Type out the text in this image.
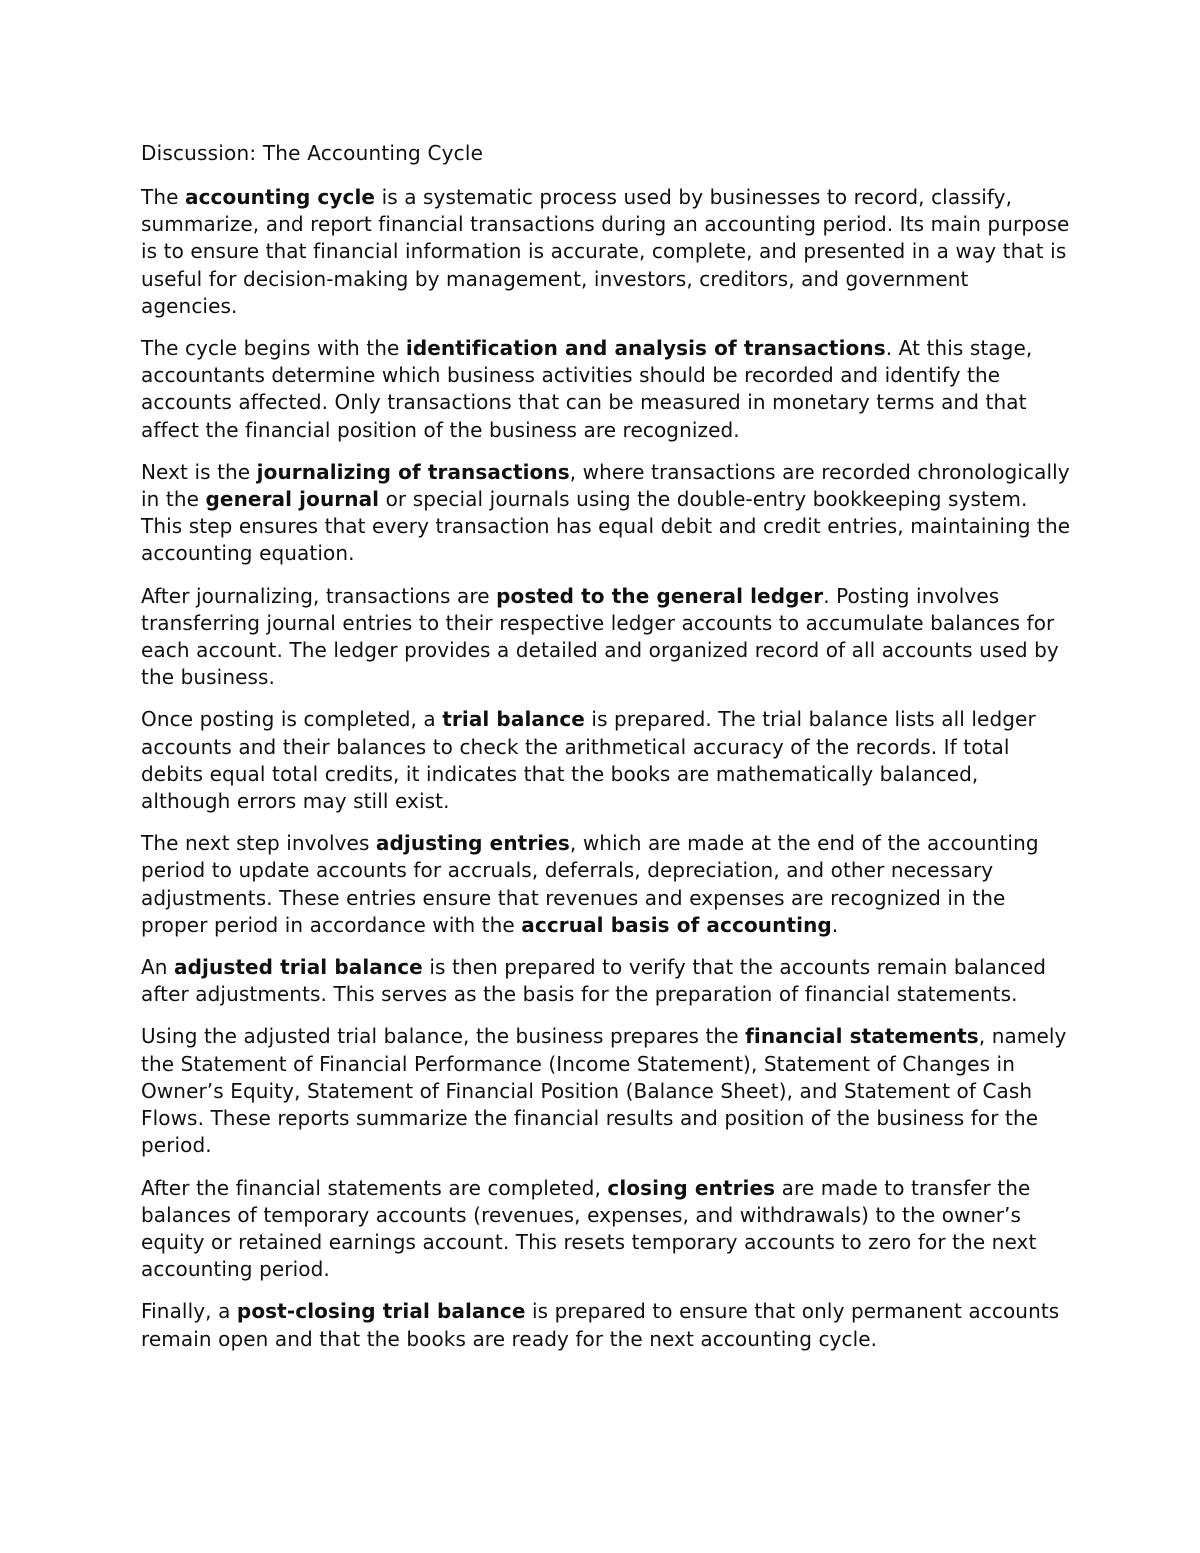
Discussion: The Accounting Cycle

The accounting cycle is a systematic process used by businesses to record, classify, summarize, and report financial transactions during an accounting period. Its main purpose is to ensure that financial information is accurate, complete, and presented in a way that is useful for decision-making by management, investors, creditors, and government agencies.

The cycle begins with the identification and analysis of transactions. At this stage, accountants determine which business activities should be recorded and identify the accounts affected. Only transactions that can be measured in monetary terms and that affect the financial position of the business are recognized.

Next is the journalizing of transactions, where transactions are recorded chronologically in the general journal or special journals using the double-entry bookkeeping system. This step ensures that every transaction has equal debit and credit entries, maintaining the accounting equation.

After journalizing, transactions are posted to the general ledger. Posting involves transferring journal entries to their respective ledger accounts to accumulate balances for each account. The ledger provides a detailed and organized record of all accounts used by the business.

Once posting is completed, a trial balance is prepared. The trial balance lists all ledger accounts and their balances to check the arithmetical accuracy of the records. If total debits equal total credits, it indicates that the books are mathematically balanced, although errors may still exist.

The next step involves adjusting entries, which are made at the end of the accounting period to update accounts for accruals, deferrals, depreciation, and other necessary adjustments. These entries ensure that revenues and expenses are recognized in the proper period in accordance with the accrual basis of accounting.

An adjusted trial balance is then prepared to verify that the accounts remain balanced after adjustments. This serves as the basis for the preparation of financial statements.

Using the adjusted trial balance, the business prepares the financial statements, namely the Statement of Financial Performance (Income Statement), Statement of Changes in Owner’s Equity, Statement of Financial Position (Balance Sheet), and Statement of Cash Flows. These reports summarize the financial results and position of the business for the period.

After the financial statements are completed, closing entries are made to transfer the balances of temporary accounts (revenues, expenses, and withdrawals) to the owner’s equity or retained earnings account. This resets temporary accounts to zero for the next accounting period.

Finally, a post-closing trial balance is prepared to ensure that only permanent accounts remain open and that the books are ready for the next accounting cycle.
